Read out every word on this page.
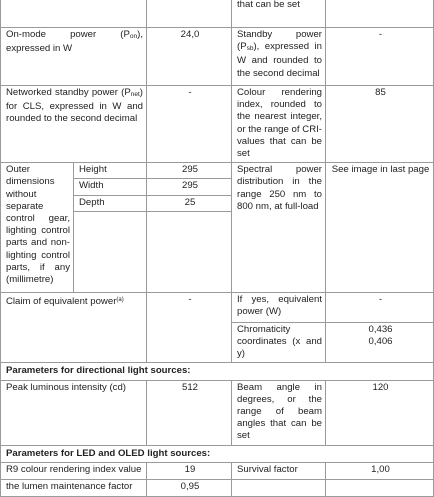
			that can be set	
On-mode power (Pon), expressed in W		24,0	Standby power (Psb), expressed in W and rounded to the second decimal	-
Networked standby power (Pnet) for CLS, expressed in W and rounded to the second decimal		-	Colour rendering index, rounded to the nearest integer, or the range of CRI-values that can be set	85
Outer dimensions without separate control gear, lighting control parts and non-lighting control parts, if any (millimetre)	Height	295	Spectral power distribution in the range 250 nm to 800 nm, at full-load	See image in last page
	Width	295		
	Depth	25		

Claim of equivalent power$^{(a)}$		-	If yes, equivalent power (W)	-
			Chromaticity coordinates (x and y)	0,436
0,406

Parameters for directional light sources:				
Peak luminous intensity (cd)		512	Beam angle in degrees, or the range of beam angles that can be set	120
Parameters for LED and OLED light sources:				
R9 colour rendering index value		19	Survival factor	1,00
the lumen maintenance factor		0,95		
